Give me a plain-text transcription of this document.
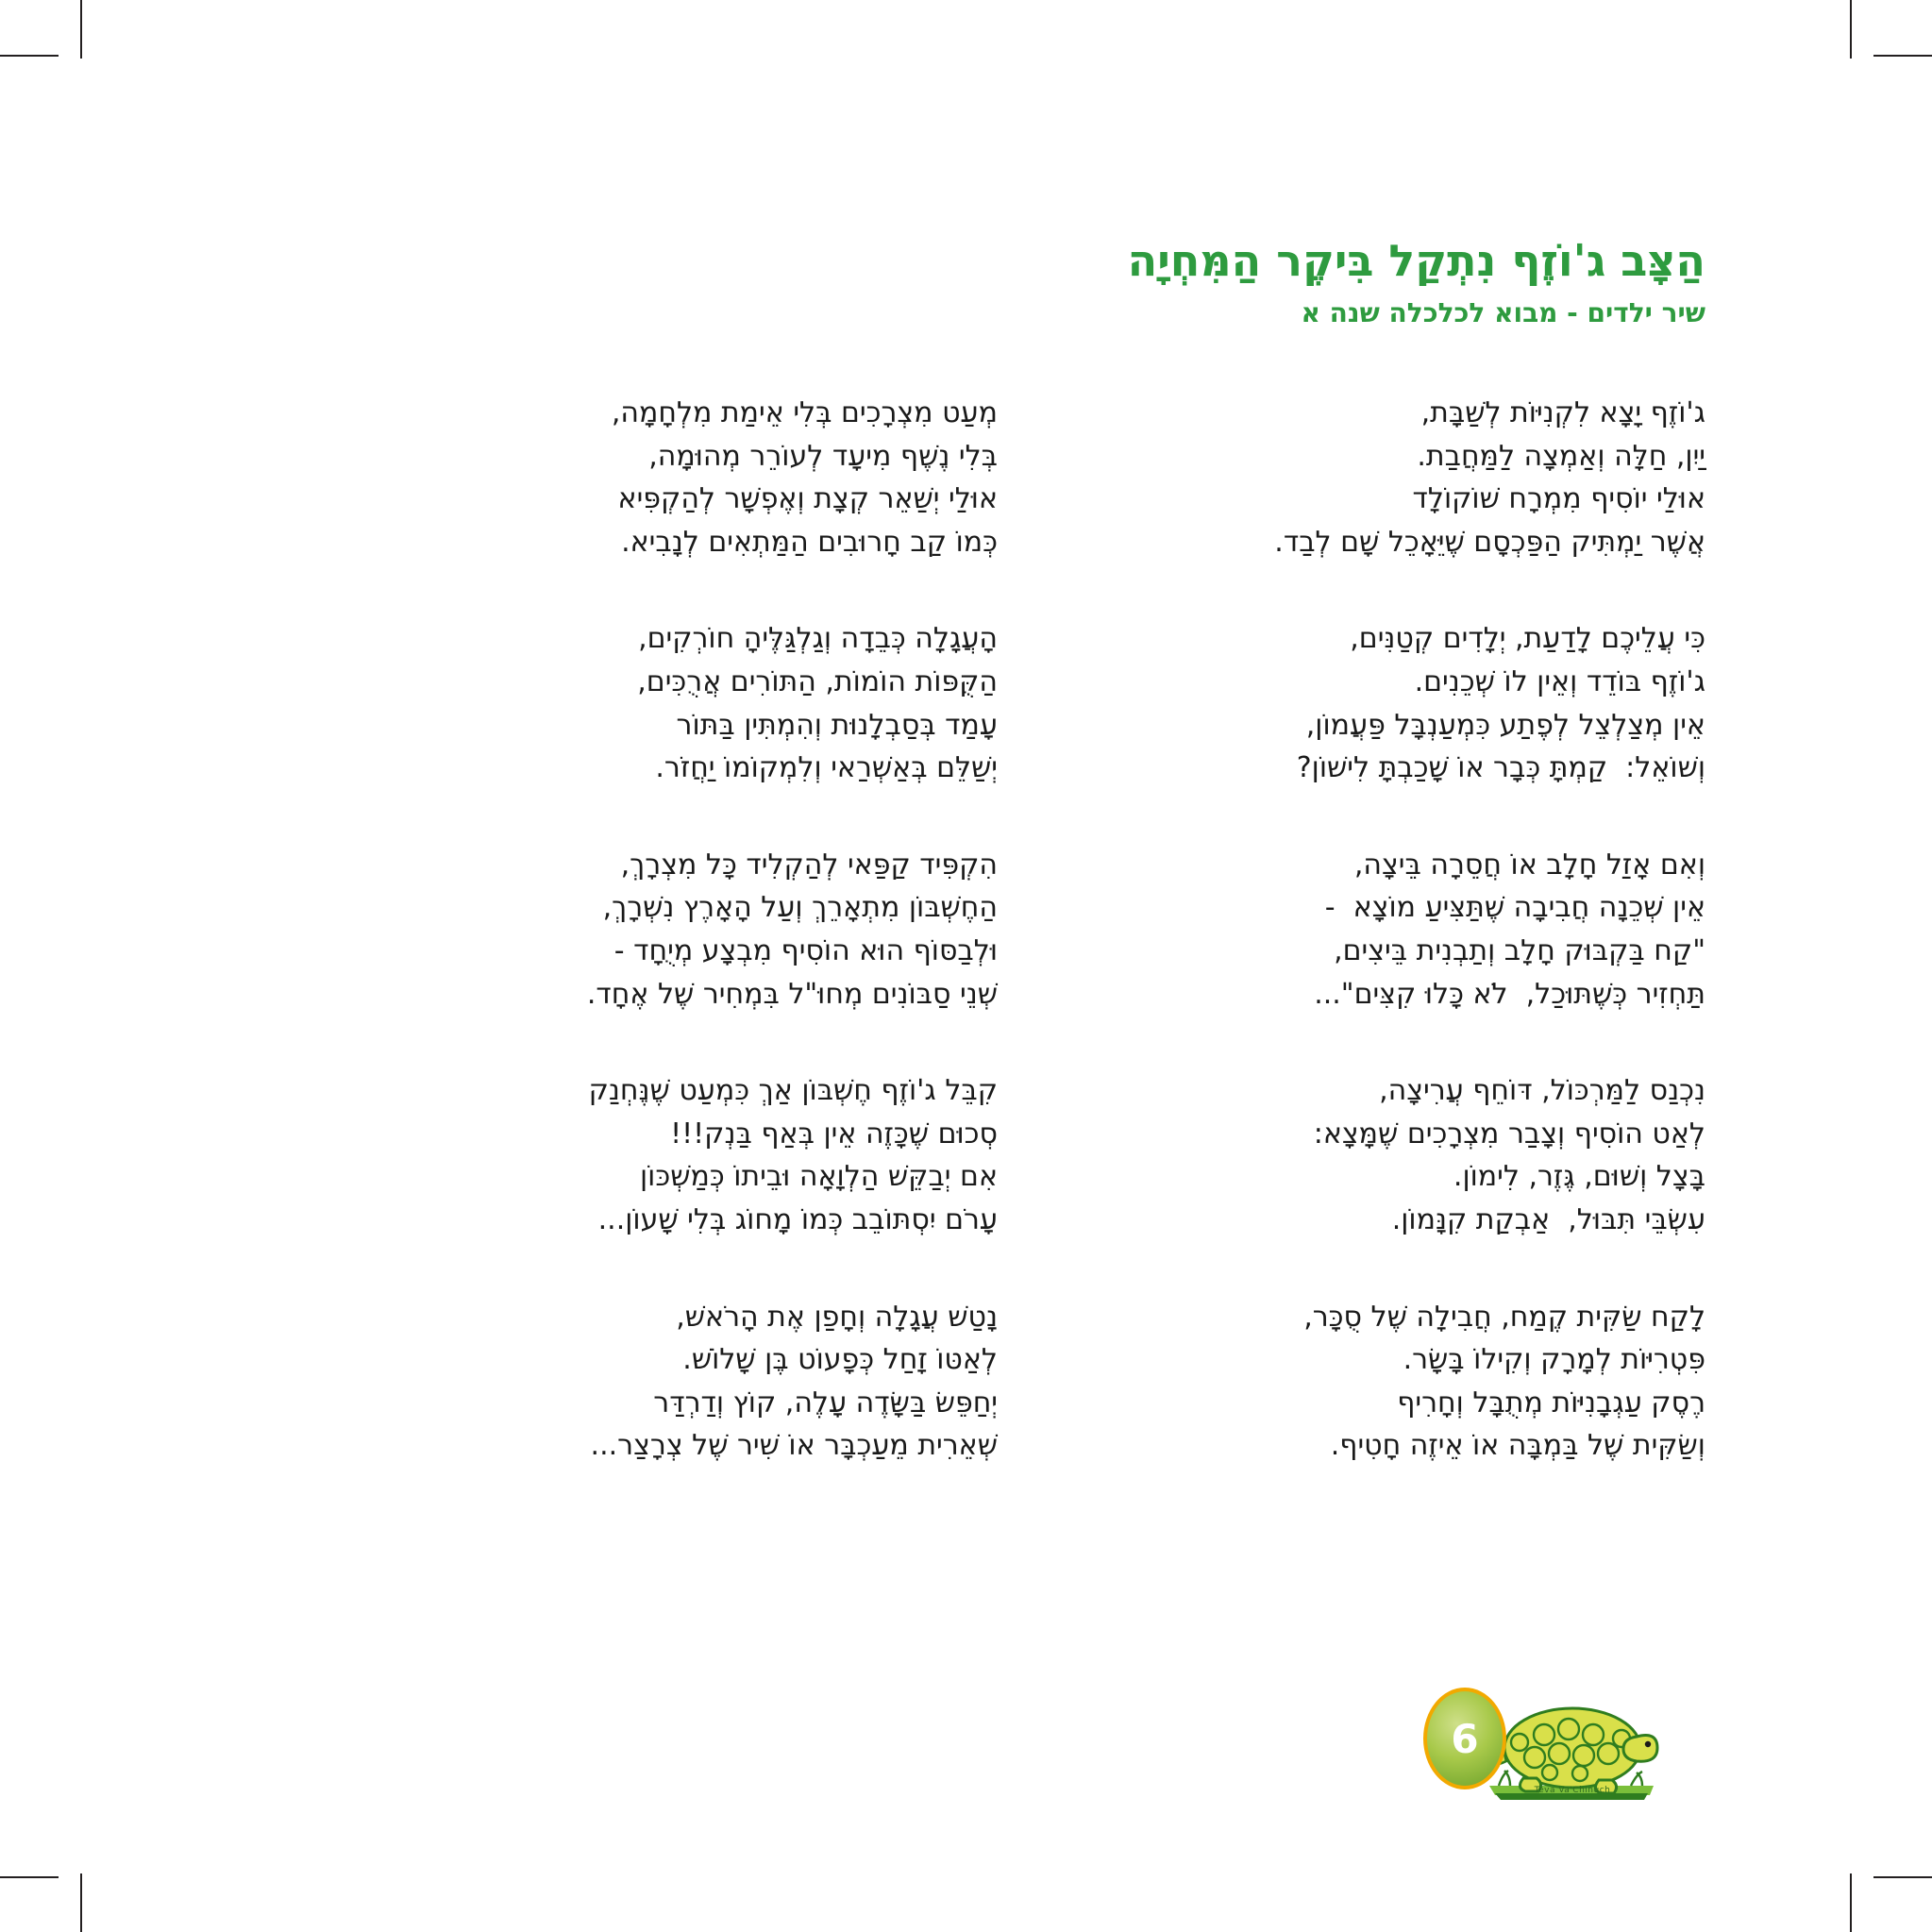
הַצָּב ג'וֹזֶף נִתְקַל בִּיקֶר הַמִּחְיָה
שיר ילדים - מבוא לכלכלה שנה א
ג'וֹזֶף יָצָא לִקְנִיּוֹת לְשַׁבָּת,
יַיִן, חַלָּה וְאַמְצָה לַמַּחֲבַת.
אוּלַי יוֹסִיף מִמְרָח שׁוֹקוֹלָד
אֲשֶׁר יַמְתִּיק הַפַּכְסָם שֶׁיֵּאָכֵל שָׁם לְבַד.
כִּי עֲלֵיכֶם לָדַעַת, יְלָדִים קְטַנִּים,
ג'וֹזֶף בּוֹדֵד וְאֵין לוֹ שְׁכֵנִים.
אֵין מְצַלְצֵל לְפֶתַע כִּמְעַנְבָּל פַּעֲמוֹן,
וְשׁוֹאֵל:  קַמְתָּ כְּבָר אוֹ שָׁכַבְתָּ לִישׁוֹן?
וְאִם אָזַל חָלָב אוֹ חֲסֵרָה בֵּיצָה,
אֵין שְׁכֵנָה חֲבִיבָה שֶׁתַּצִּיעַ מוֹצָא  -
"קַח בַּקְבּוּק חָלָב וְתַבְנִית בֵּיצִים,
תַּחְזִיר כְּשֶׁתּוּכַל,  לֹא כָּלוּ קִצִּים"...
נִכְנַס לַמַּרְכּוֹל, דּוֹחֵף עֲרִיצָה,
לְאַט הוֹסִיף וְצָבַר מִצְרָכִים שֶׁמָּצָא:
בָּצָל וְשׁוּם, גֶּזֶר, לִימוֹן.
עִשְׂבֵּי תִּבּוּל,  אַבְקַת קִנָּמוֹן.
לָקַח שַׂקִּית קֶמַח, חֲבִילָה שֶׁל סֻכָּר,
פִּטְרִיּוֹת לְמָרָק וְקִילוֹ בָּשָׂר.
רֶסֶק עַגְבָנִיּוֹת מְתֻבָּל וְחָרִיף
וְשַׂקִּית שֶׁל בַּמְבָּה אוֹ אֵיזֶה חָטִיף.
מְעַט מִצְרָכִים בְּלִי אֵימַת מִלְחָמָה,
בְּלִי נֶשֶׁף מִיעָד לְעוֹרֵר מְהוּמָה,
אוּלַי יְשַׁאֵר קְצָת וְאֶפְשָׁר לְהַקְפִּיא
כְּמוֹ קַב חָרוּבִים הַמַּתְאִים לְנָבִיא.
הָעֲגָלָה כְּבֵדָה וְגַלְגַּלֶּיהָ חוֹרְקִים,
הַקֻּפּוֹת הוֹמוֹת, הַתּוֹרִים אֲרֻכִּים,
עָמַד בְּסַבְלָנוּת וְהִמְתִּין בַּתּוֹר
יְשַׁלֵּם בְּאַשְׁרַאי וְלִמְקוֹמוֹ יַחֲזֹר.
הִקְפִּיד קַפַּאי לְהַקְלִיד כָּל מִצְרָךְ,
הַחֶשְׁבּוֹן מִתְאָרֵךְ וְעַל הָאָרֶץ נִשְׁרָךְ,
וּלְבַסּוֹף הוּא הוֹסִיף מִבְצָע מְיֻחָד -
שְׁנֵי סַבּוֹנִים מְחוּ"ל בִּמְחִיר שֶׁל אֶחָד.
קִבֵּל ג'וֹזֶף חֶשְׁבּוֹן אַךְ כִּמְעַט שֶׁנֶּחְנַק
סְכוּם שֶׁכָּזֶה אֵין בְּאַף בַּנְק!!!
אִם יְבַקֵּשׁ הַלְוָאָה וּבֵיתוֹ כְּמַשְׁכּוֹן
עָרֹם יִסְתּוֹבֵב כְּמוֹ מָחוֹג בְּלִי שָׁעוֹן...
נָטַשׁ עֲגָלָה וְחָפַן אֶת הָרֹאשׁ,
לְאַטּוֹ זָחַל כְּפָעוֹט בֶּן שָׁלוֹשׁ.
יְחַפֵּשׂ בַּשָּׂדֶה עָלֶה, קוֹץ וְדַרְדַּר
שְׁאֵרִית מֵעַכְבָּר אוֹ שִׁיר שֶׁל צְרָצַר...
Teva Va'Chinuch
6
